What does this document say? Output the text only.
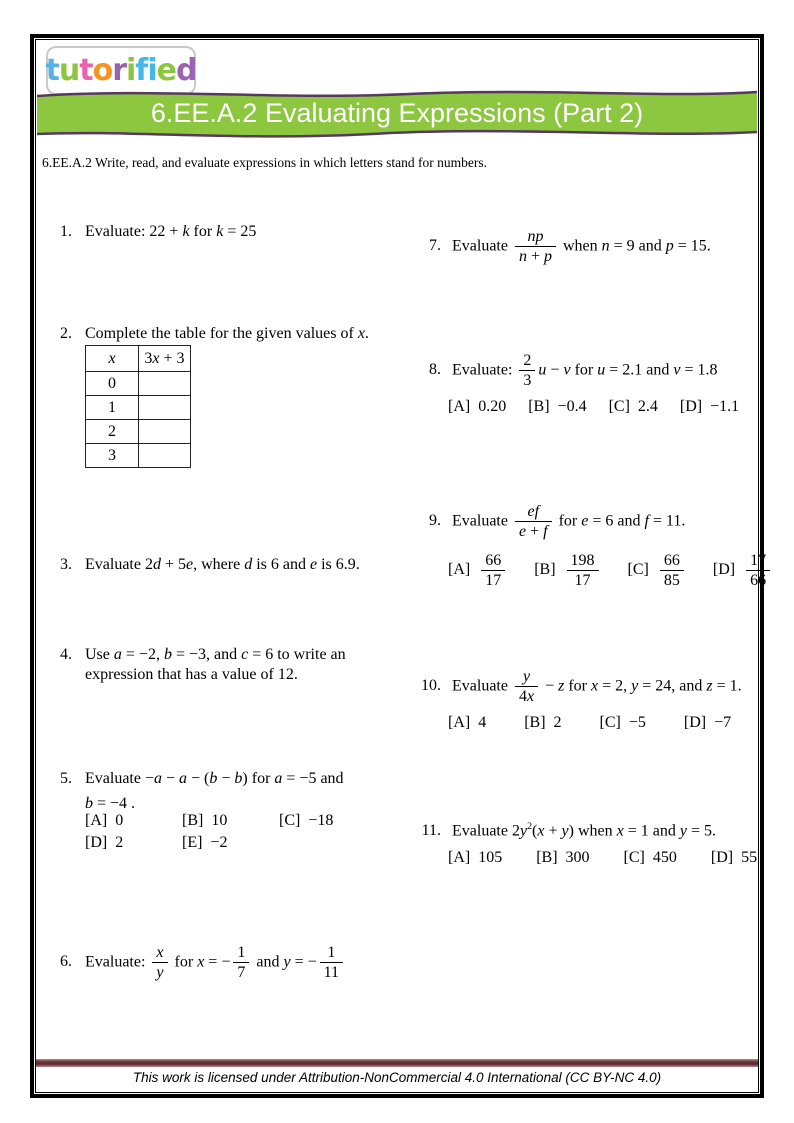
t u t o r i f i e d
6.EE.A.2 Evaluating Expressions (Part 2)
6.EE.A.2 Write, read, and evaluate expressions in which letters stand for numbers.
1. Evaluate: 22 + k for k = 25
2. Complete the table for the given values of x.
x	3x + 3
0	
1	
2	
3	
3. Evaluate 2d + 5e, where d is 6 and e is 6.9.
4. Use a = −2, b = −3, and c = 6 to write an
expression that has a value of 12.
5. Evaluate −a − a − (b − b) for a = −5 and
b = −4 .
[A] 0	[B] 10	[C] −18
[D] 2	[E] −2
6. Evaluate: $\frac{x}{y}$ for x = − $\frac{1}{7}$ and y = − $\frac{1}{11}$
7. Evaluate $\frac{np}{n + p}$ when n = 9 and p = 15.
8. Evaluate: $\frac{2}{3}$ u − v for u = 2.1 and v = 1.8
[A] 0.20 [B] −0.4 [C] 2.4 [D] −1.1
9. Evaluate $\frac{ef}{e + f}$ for e = 6 and f = 11.
$[A] \frac{66}{17} [B] \frac{198}{17} [C] \frac{66}{85} [D] \frac{17}{66}$
10. Evaluate $\frac{y}{4x} - z$ for x = 2, y = 24, and z = 1.
[A] 4 [B] 2 [C] −5 [D] −7
11. Evaluate $2y^2(x + y)$ when x = 1 and y = 5.
[A] 105 [B] 300 [C] 450 [D] 55
This work is licensed under Attribution-NonCommercial 4.0 International (CC BY-NC 4.0)
